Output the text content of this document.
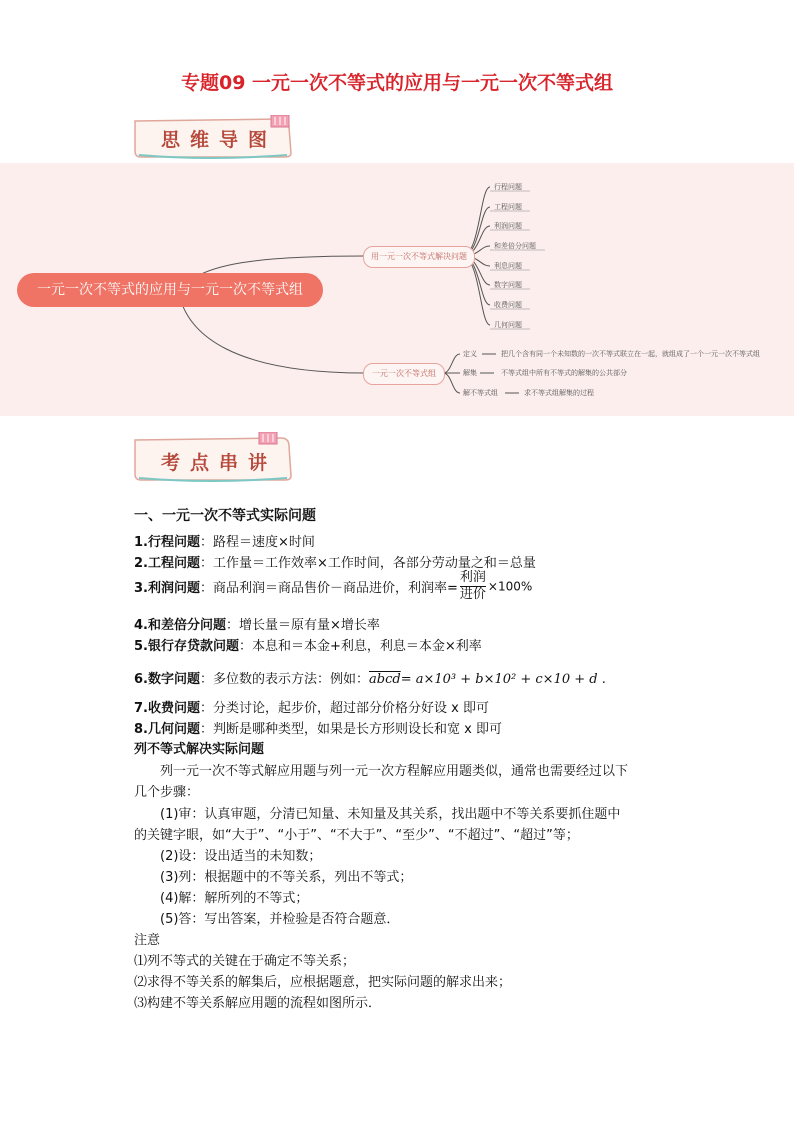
专题09 一元一次不等式的应用与一元一次不等式组
思维导图
一元一次不等式的应用与一元一次不等式组
用一元一次不等式解决问题
一元一次不等式组
行程问题
工程问题
利润问题
和差倍分问题
利息问题
数字问题
收费问题
几何问题
定义	把几个含有同一个未知数的一次不等式联立在一起，就组成了一个一元一次不等式组
解集	不等式组中所有不等式的解集的公共部分
解不等式组	求不等式组解集的过程
考点串讲
一、一元一次不等式实际问题
1.行程问题：路程＝速度×时间
2.工程问题：工作量＝工作效率×工作时间，各部分劳动量之和＝总量
3.利润问题：商品利润＝商品售价－商品进价，利润率= $\frac{\text{利润}}{\text{进价}} \times 100\%$
4.和差倍分问题：增长量＝原有量×增长率
5.银行存贷款问题：本息和＝本金+利息，利息＝本金×利率
6.数字问题：多位数的表示方法：例如：abcd= a×10³ + b×10² + c×10 + d .
7.收费问题：分类讨论，起步价，超过部分价格分好设 x 即可
8.几何问题：判断是哪种类型，如果是长方形则设长和宽 x 即可
列不等式解决实际问题
列一元一次不等式解应用题与列一元一次方程解应用题类似，通常也需要经过以下
几个步骤：
(1)审：认真审题，分清已知量、未知量及其关系，找出题中不等关系要抓住题中
的关键字眼，如“大于”、“小于”、“不大于”、“至少”、“不超过”、“超过”等；
(2)设：设出适当的未知数；
(3)列：根据题中的不等关系，列出不等式；
(4)解：解所列的不等式；
(5)答：写出答案，并检验是否符合题意．
注意
⑴列不等式的关键在于确定不等关系；
⑵求得不等关系的解集后，应根据题意，把实际问题的解求出来；
⑶构建不等关系解应用题的流程如图所示．
